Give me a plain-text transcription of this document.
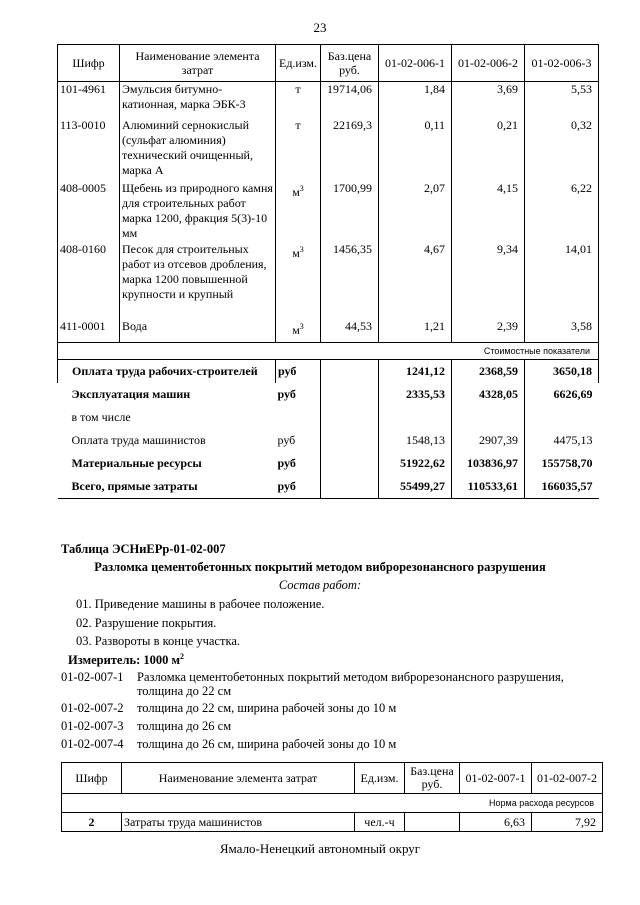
23
Шифр	Наименование элемента затрат	Ед.изм.	Баз.цена руб.	01-02-006-1	01-02-006-2	01-02-006-3
101-4961	Эмульсия битумно-катионная, марка ЭБК-3	т	19714,06	1,84	3,69	5,53
113-0010	Алюминий сернокислый (сульфат алюминия) технический очищенный, марка А	т	22169,3	0,11	0,21	0,32
408-0005	Щебень из природного камня для строительных работ марка 1200, фракция 5(3)-10 мм	$м^3$	1700,99	2,07	4,15	6,22
408-0160	Песок для строительных работ из отсевов дробления, марка 1200 повышенной крупности и крупный	$м^3$	1456,35	4,67	9,34	14,01
411-0001	Вода	$м^3$	44,53	1,21	2,39	3,58
Стоимостные показатели						
Оплата труда рабочих-строителей		руб		1241,12	2368,59	3650,18
Эксплуатация машин		руб		2335,53	4328,05	6626,69
в том числе						
Оплата труда машинистов		руб		1548,13	2907,39	4475,13
Материальные ресурсы		руб		51922,62	103836,97	155758,70
Всего, прямые затраты		руб		55499,27	110533,61	166035,57
Таблица ЭСНиЕРр-01-02-007
Разломка цементобетонных покрытий методом виброрезонансного разрушения
Состав работ:
01. Приведение машины в рабочее положение.
02. Разрушение покрытия.
03. Развороты в конце участка.
Измеритель: 1000 $м^2$
01-02-007-1 Разломка цементобетонных покрытий методом виброрезонансного разрушения,
толщина до 22 см
01-02-007-2 толщина до 22 см, ширина рабочей зоны до 10 м
01-02-007-3 толщина до 26 см
01-02-007-4 толщина до 26 см, ширина рабочей зоны до 10 м
Шифр	Наименование элемента затрат	Ед.изм.	Баз.цена руб.	01-02-007-1	01-02-007-2
Норма расхода ресурсов					
2	Затраты труда машинистов	чел.-ч		6,63	7,92
Ямало-Ненецкий автономный округ
